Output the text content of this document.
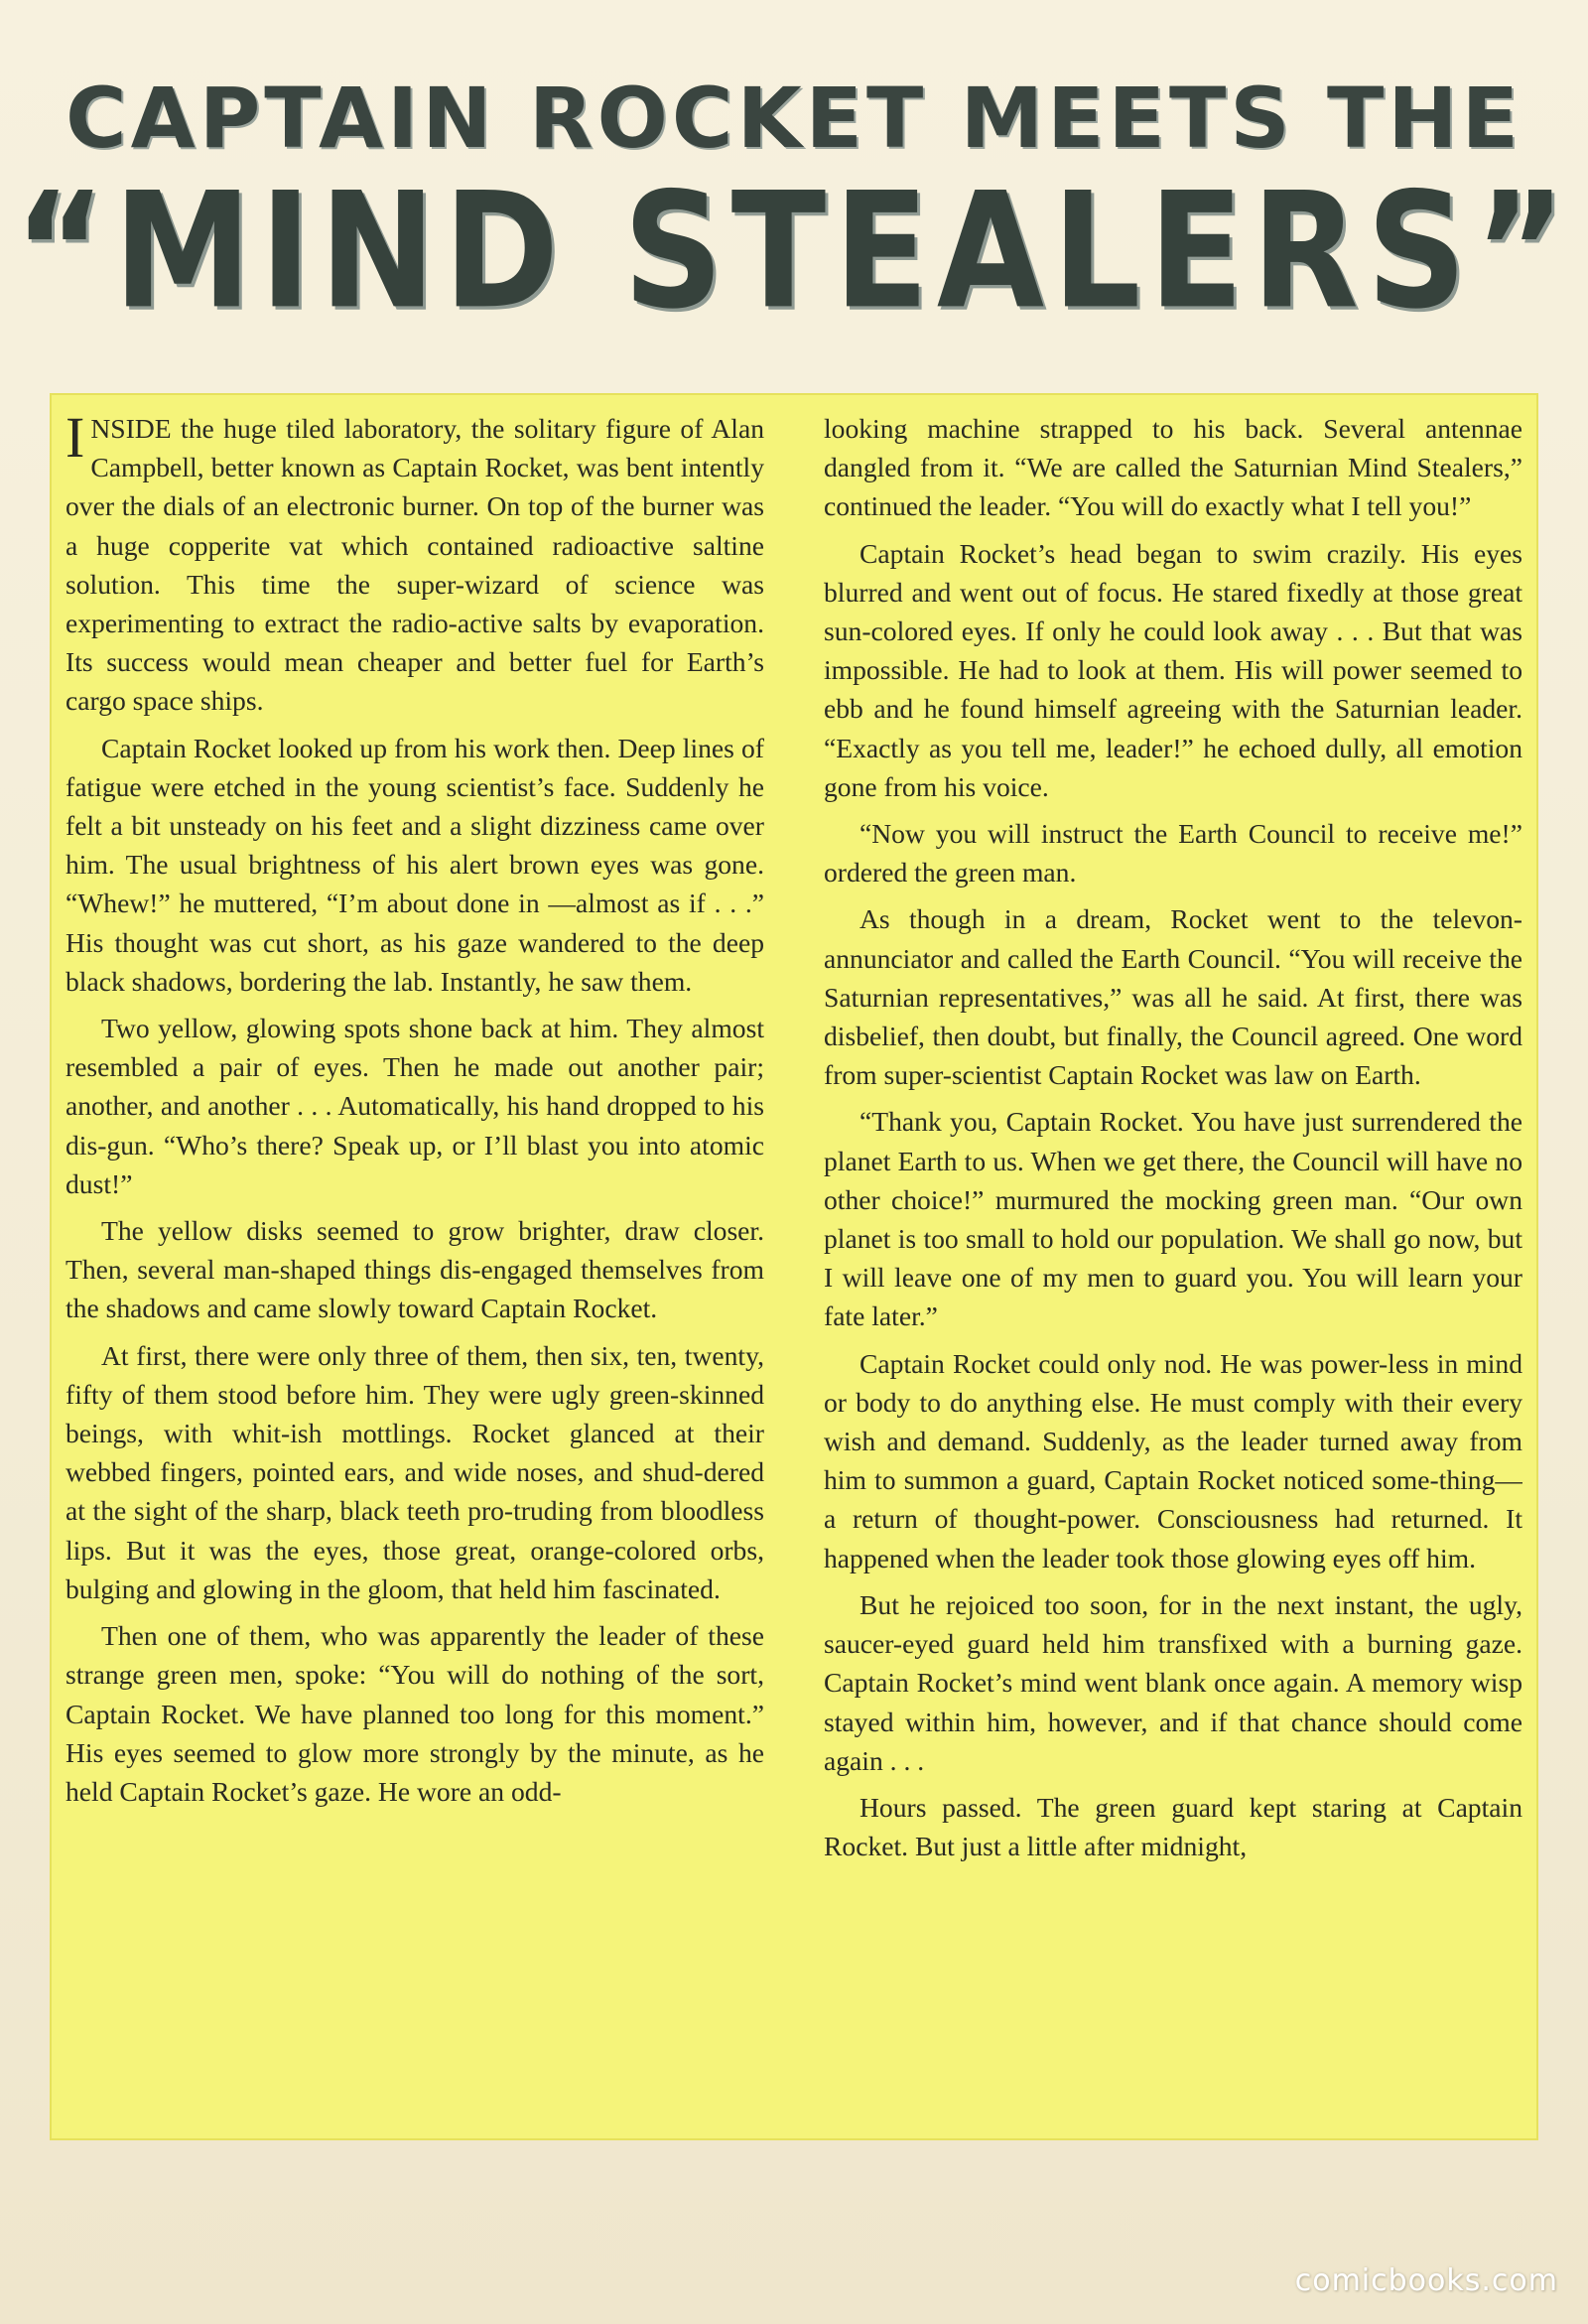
CAPTAIN ROCKET MEETS THE
“MIND STEALERS”

INSIDE the huge tiled laboratory, the solitary figure of Alan Campbell, better known as Captain Rocket, was bent intently over the dials of an electronic burner. On top of the burner was a huge copperite vat which contained radioactive saltine solution. This time the super-wizard of science was experimenting to extract the radio-active salts by evaporation. Its success would mean cheaper and better fuel for Earth’s cargo space ships.

Captain Rocket looked up from his work then. Deep lines of fatigue were etched in the young scientist’s face. Suddenly he felt a bit unsteady on his feet and a slight dizziness came over him. The usual brightness of his alert brown eyes was gone. “Whew!” he muttered, “I’m about done in —almost as if . . .” His thought was cut short, as his gaze wandered to the deep black shadows, bordering the lab. Instantly, he saw them.

Two yellow, glowing spots shone back at him. They almost resembled a pair of eyes. Then he made out another pair; another, and another . . . Automatically, his hand dropped to his dis-gun. “Who’s there? Speak up, or I’ll blast you into atomic dust!”

The yellow disks seemed to grow brighter, draw closer. Then, several man-shaped things dis-engaged themselves from the shadows and came slowly toward Captain Rocket.

At first, there were only three of them, then six, ten, twenty, fifty of them stood before him. They were ugly green-skinned beings, with whit-ish mottlings. Rocket glanced at their webbed fingers, pointed ears, and wide noses, and shud-dered at the sight of the sharp, black teeth pro-truding from bloodless lips. But it was the eyes, those great, orange-colored orbs, bulging and glowing in the gloom, that held him fascinated.

Then one of them, who was apparently the leader of these strange green men, spoke: “You will do nothing of the sort, Captain Rocket. We have planned too long for this moment.” His eyes seemed to glow more strongly by the minute, as he held Captain Rocket’s gaze. He wore an odd-

looking machine strapped to his back. Several antennae dangled from it. “We are called the Saturnian Mind Stealers,” continued the leader. “You will do exactly what I tell you!”

Captain Rocket’s head began to swim crazily. His eyes blurred and went out of focus. He stared fixedly at those great sun-colored eyes. If only he could look away . . . But that was impossible. He had to look at them. His will power seemed to ebb and he found himself agreeing with the Saturnian leader. “Exactly as you tell me, leader!” he echoed dully, all emotion gone from his voice.

“Now you will instruct the Earth Council to receive me!” ordered the green man.

As though in a dream, Rocket went to the televon-annunciator and called the Earth Council. “You will receive the Saturnian representatives,” was all he said. At first, there was disbelief, then doubt, but finally, the Council agreed. One word from super-scientist Captain Rocket was law on Earth.

“Thank you, Captain Rocket. You have just surrendered the planet Earth to us. When we get there, the Council will have no other choice!” murmured the mocking green man. “Our own planet is too small to hold our population. We shall go now, but I will leave one of my men to guard you. You will learn your fate later.”

Captain Rocket could only nod. He was power-less in mind or body to do anything else. He must comply with their every wish and demand. Suddenly, as the leader turned away from him to summon a guard, Captain Rocket noticed some-thing—a return of thought-power. Consciousness had returned. It happened when the leader took those glowing eyes off him.

But he rejoiced too soon, for in the next instant, the ugly, saucer-eyed guard held him transfixed with a burning gaze. Captain Rocket’s mind went blank once again. A memory wisp stayed within him, however, and if that chance should come again . . .

Hours passed. The green guard kept staring at Captain Rocket. But just a little after midnight,

comicbooks.com
